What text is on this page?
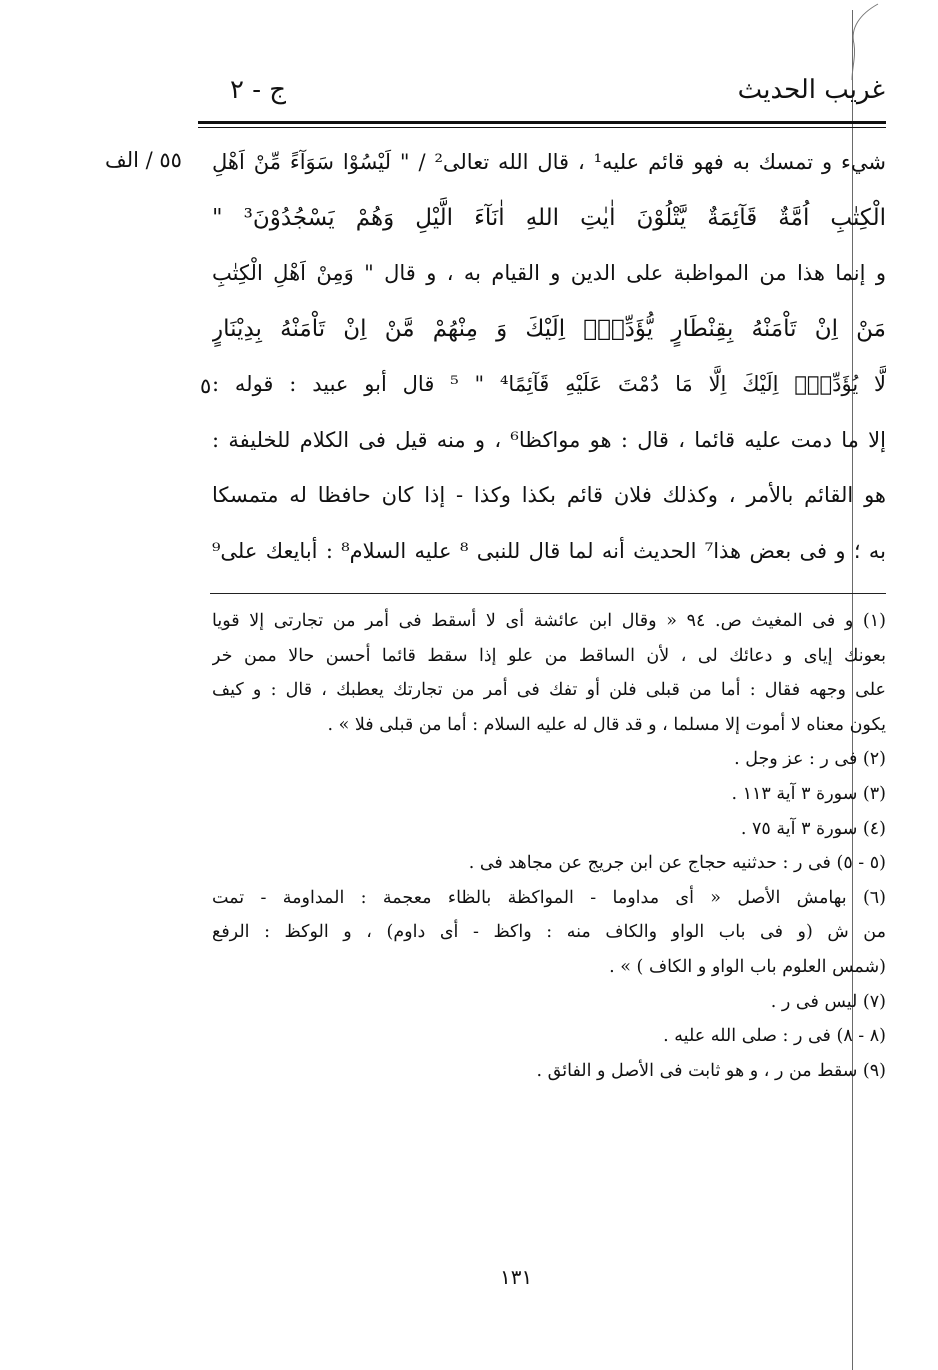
غريب الحديث
ج - ٢
٥٥ / الف
٥
شيء و تمسك به فهو قائم عليه¹ ، قال الله تعالى² / " لَيْسُوْا سَوَآءً مِّنْ اَهْلِ
الْكِتٰبِ اُمَّةٌ قَآئِمَةٌ يَّتْلُوْنَ اٰيٰتِ اللهِ اٰنَآءَ الَّيْلِ وَهُمْ يَسْجُدُوْنَ³ "
و إنما هذا من المواظبة على الدين و القيام به ، و قال " وَمِنْ اَهْلِ الْكِتٰبِ
مَنْ اِنْ تَاْمَنْهُ بِقِنْطَارٍ يُّؤَدِّهٖٓ اِلَيْكَ وَ مِنْهُمْ مَّنْ اِنْ تَاْمَنْهُ بِدِيْنَارٍ
لَّا يُؤَدِّهٖٓ اِلَيْكَ اِلَّا مَا دُمْتَ عَلَيْهِ قَآئِمًا⁴ " ⁵ قال أبو عبيد : قوله :
إلا ما دمت عليه قائما ، قال : هو مواكظا⁶ ، و منه قيل فى الكلام للخليفة :
هو القائم بالأمر ، وكذلك فلان قائم بكذا وكذا - إذا كان حافظا له متمسكا
به ؛ و فى بعض هذا⁷ الحديث أنه لما قال للنبى ⁸ عليه السلام⁸ : أبايعك على⁹
(١) و فى المغيث ص. ٩٤ « وقال ابن عائشة أى لا أسقط فى أمر من تجارتى إلا قويا
بعونك إياى و دعائك لى ، لأن الساقط من علو إذا سقط قائما أحسن حالا ممن خر
على وجهه فقال : أما من قبلى فلن أو تفك فى أمر من تجارتك يعطبك ، قال : و كيف
يكون معناه لا أموت إلا مسلما ، و قد قال له عليه السلام : أما من قبلى فلا » .
(٢) فى ر : عز وجل .
(٣) سورة ٣ آية ١١٣ .
(٤) سورة ٣ آية ٧٥ .
(٥ - ٥) فى ر : حدثنيه حجاج عن ابن جريج عن مجاهد فى .
(٦) بهامش الأصل « أى مداوما - المواكظة بالظاء معجمة : المداومة - تمت
من ش (و فى باب الواو والكاف منه : واكظ - أى داوم) ، و الوكظ : الرفع
(شمس العلوم باب الواو و الكاف ) » .
(٧) ليس فى ر .
(٨ - ٨) فى ر : صلى الله عليه .
(٩) سقط من ر ، و هو ثابت فى الأصل و الفائق .
١٣١
